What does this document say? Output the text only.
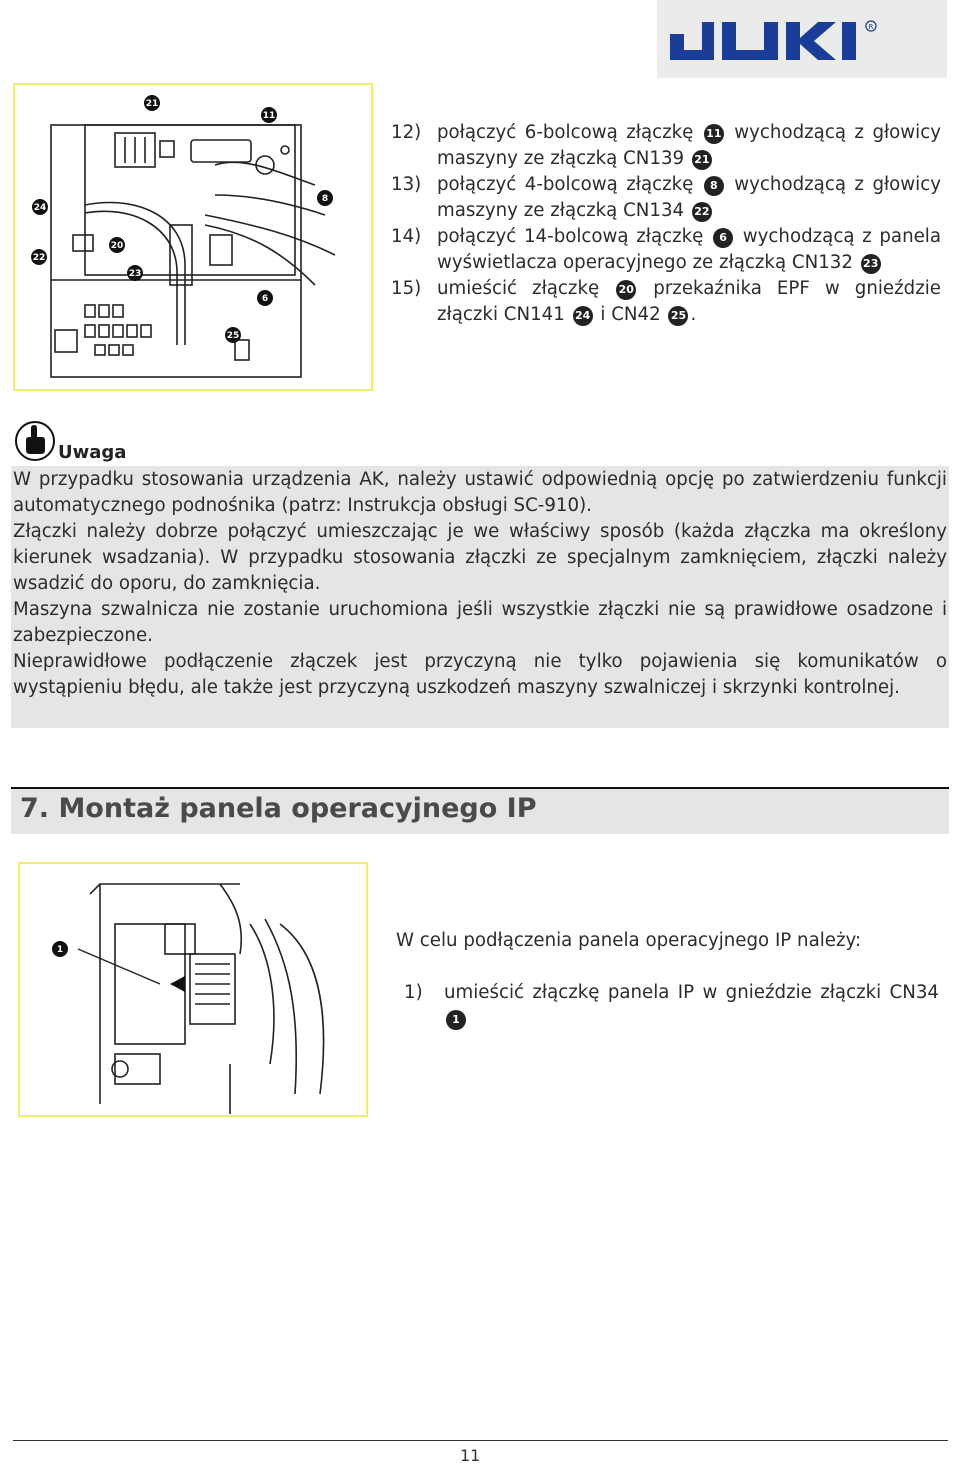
R
21
11
24
22
20
23
8
6
25
12) połączyć 6-bolcową złączkę 11 wychodzącą z głowicy maszyny ze złączką CN139 21
13) połączyć 4-bolcową złączkę 8 wychodzącą z głowicy maszyny ze złączką CN134 22
14) połączyć 14-bolcową złączkę 6 wychodzącą z panela wyświetlacza operacyjnego ze złączką CN132 23
15) umieścić złączkę 20 przekaźnika EPF w gnieździe złączki CN141 24 i CN42 25 .
Uwaga

W przypadku stosowania urządzenia AK, należy ustawić odpowiednią opcję po zatwierdzeniu funkcji automatycznego podnośnika (patrz: Instrukcja obsługi SC-910).

Złączki należy dobrze połączyć umieszczając je we właściwy sposób (każda złączka ma określony kierunek wsadzania). W przypadku stosowania złączki ze specjalnym zamknięciem, złączki należy wsadzić do oporu, do zamknięcia.

Maszyna szwalnicza nie zostanie uruchomiona jeśli wszystkie złączki nie są prawidłowe osadzone i zabezpieczone.

Nieprawidłowe podłączenie złączek jest przyczyną nie tylko pojawienia się komunikatów o wystąpieniu błędu, ale także jest przyczyną uszkodzeń maszyny szwalniczej i skrzynki kontrolnej.

7. Montaż panela operacyjnego IP
1	W celu podłączenia panela operacyjnego IP należy:

1)	umieścić złączkę panela IP w gnieździe złączki CN34 1
11
